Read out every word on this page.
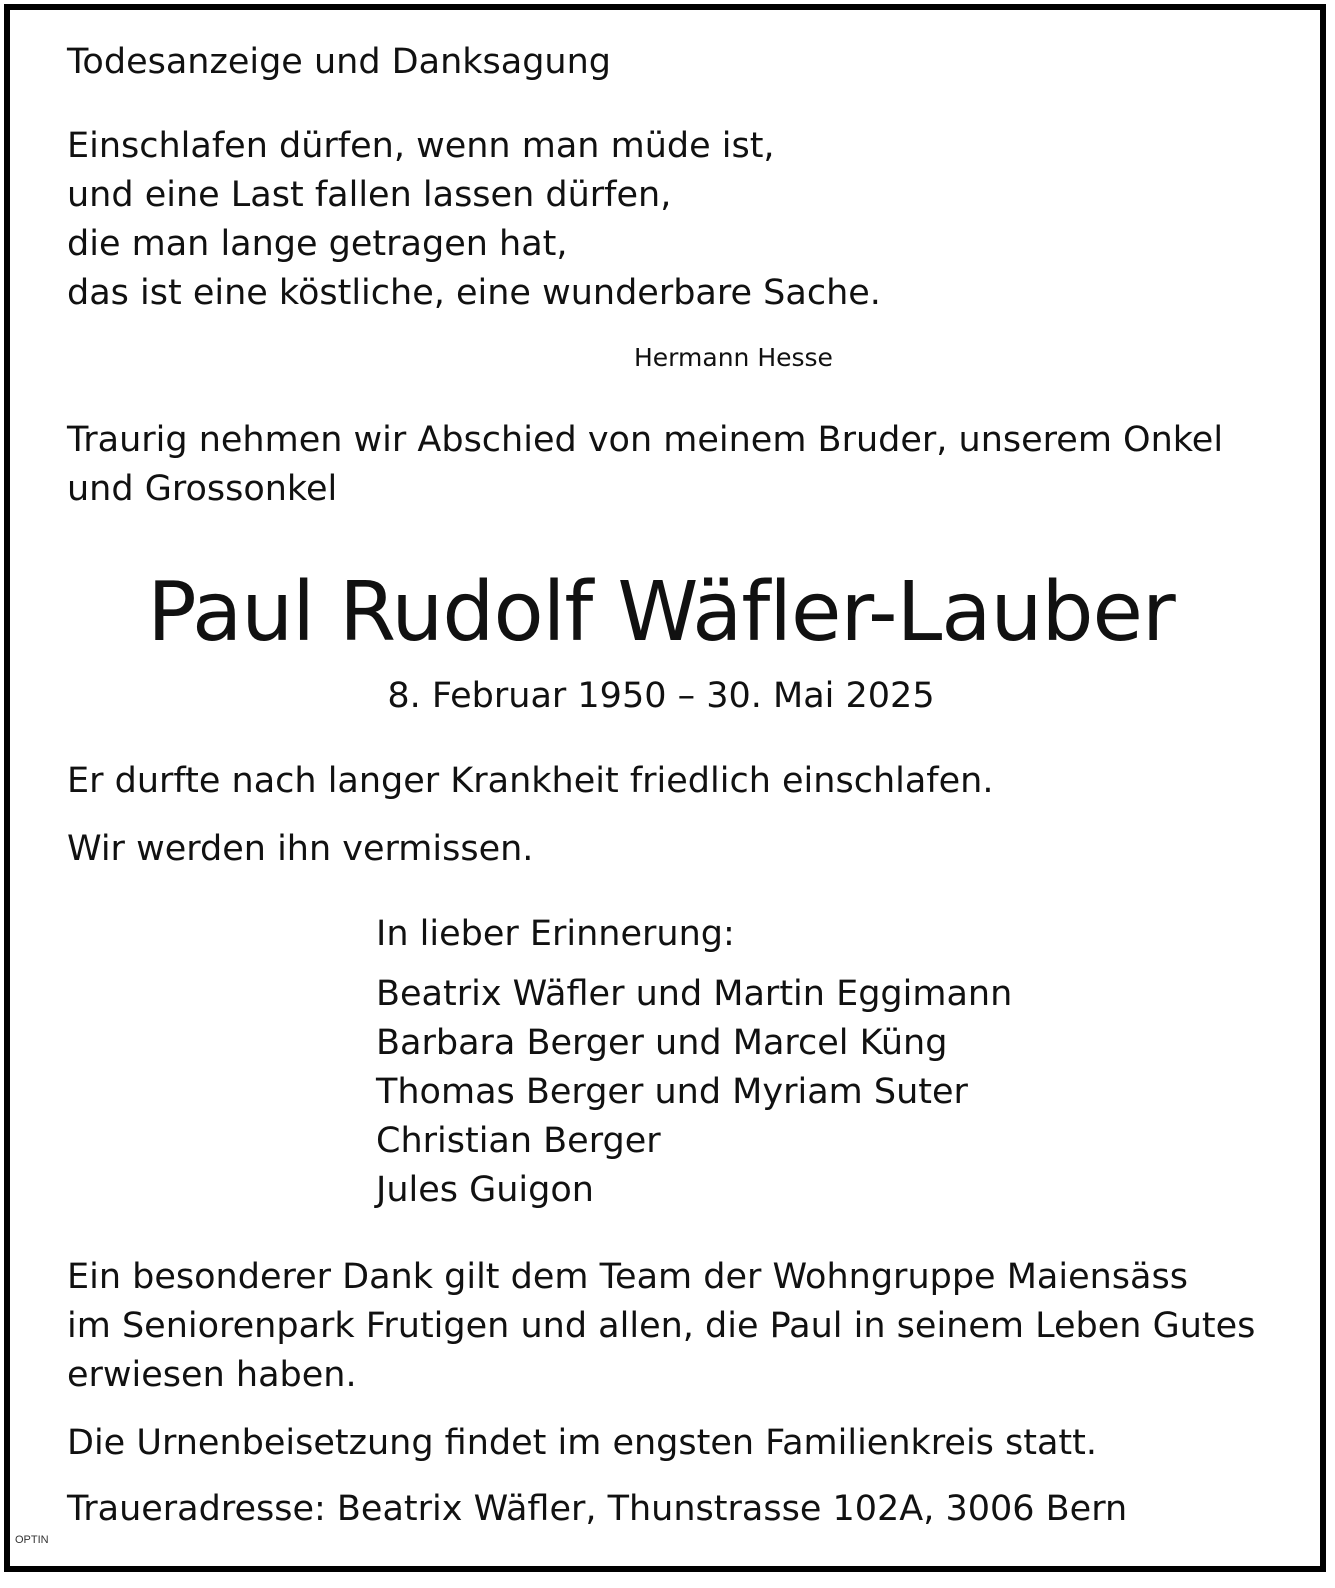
Todesanzeige und Danksagung

Einschlafen dürfen, wenn man müde ist,

und eine Last fallen lassen dürfen,

die man lange getragen hat,

das ist eine köstliche, eine wunderbare Sache.

Hermann Hesse

Traurig nehmen wir Abschied von meinem Bruder, unserem Onkel

und Grossonkel

Paul Rudolf Wäfler-Lauber

8. Februar 1950 – 30. Mai 2025

Er durfte nach langer Krankheit friedlich einschlafen.

Wir werden ihn vermissen.

In lieber Erinnerung:

Beatrix Wäfler und Martin Eggimann

Barbara Berger und Marcel Küng

Thomas Berger und Myriam Suter

Christian Berger

Jules Guigon

Ein besonderer Dank gilt dem Team der Wohngruppe Maiensäss

im Seniorenpark Frutigen und allen, die Paul in seinem Leben Gutes

erwiesen haben.

Die Urnenbeisetzung findet im engsten Familienkreis statt.

Traueradresse: Beatrix Wäfler, Thunstrasse 102A, 3006 Bern

OPTIN
